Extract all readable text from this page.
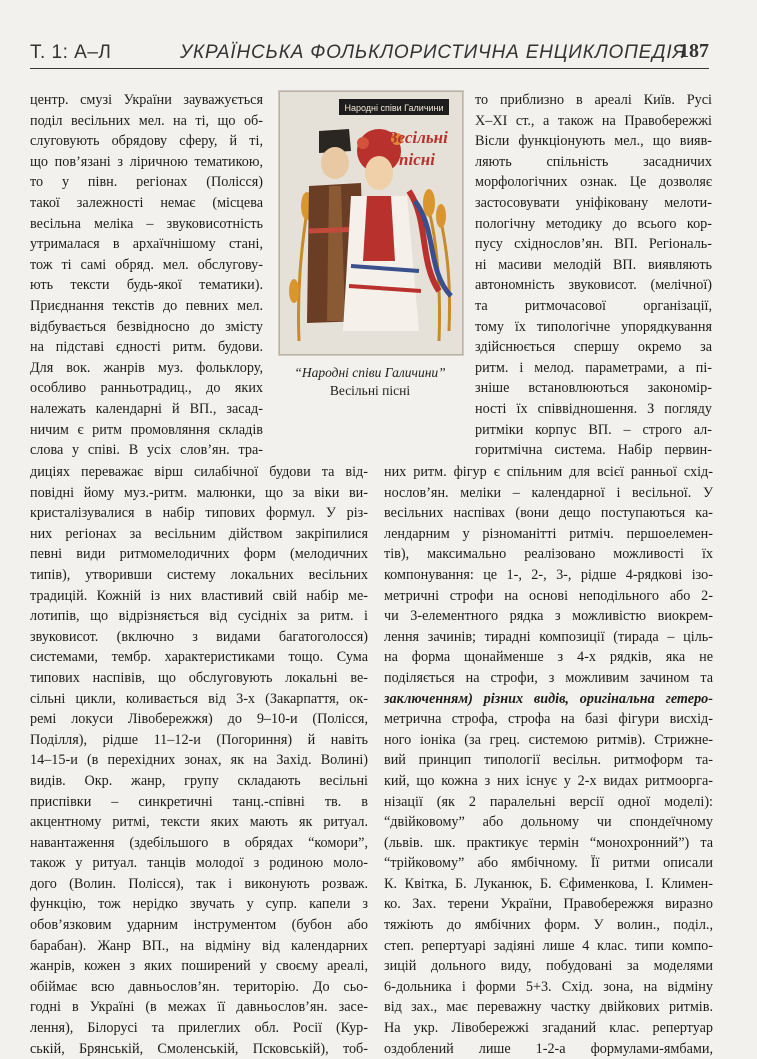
Т. 1: А–Л	УКРАЇНСЬКА ФОЛЬКЛОРИСТИЧНА ЕНЦИКЛОПЕДІЯ
187
центр. смузі України зауважується
поділ весільних мел. на ті, що об-
слуговують обрядову сферу, й ті,
що пов’язані з ліричною тематикою,
то у півн. регіонах (Полісся)
такої залежності немає (місцева
весільна меліка – звуковисотність
утрималася в архаїчнішому стані,
тож ті самі обряд. мел. обслугову-
ють тексти будь-якої тематики).
Приєднання текстів до певних мел.
відбувається безвідносно до змісту
на підставі єдності ритм. будови.
Для вок. жанрів муз. фольклору,
особливо ранньотрадиц., до яких
належать календарні й ВП., засад-
ничим є ритм промовляння складів
слова у співі. В усіх слов’ян. тра-
Народні співи Галичини
Весільні
пісні
“Народні співи Галичини”
Весільні пісні
то приблизно в ареалі Київ. Русі
X–XI ст., а також на Правобережжі
Вісли функціонують мел., що вияв-
ляють спільність засадничих
морфологічних ознак. Це дозволяє
застосовувати уніфіковану мелоти-
пологічну методику до всього кор-
пусу східнослов’ян. ВП. Регіональ-
ні масиви мелодій ВП. виявляють
автономність звуковисот. (мелічної)
та ритмочасової організації,
тому їх типологічне упорядкування
здійснюється спершу окремо за
ритм. і мелод. параметрами, а пі-
зніше встановлюються закономір-
ності їх співвідношення. З погляду
ритміки корпус ВП. – строго ал-
горитмічна система. Набір первин-
диціях переважає вірш силабічної будови та від-
повідні йому муз.-ритм. малюнки, що за віки ви-
кристалізувалися в набір типових формул. У різ-
них регіонах за весільним дійством закріпилися
певні види ритмомелодичних форм (мелодичних
типів), утворивши систему локальних весільних
традицій. Кожній із них властивий свій набір ме-
лотипів, що відрізняється від сусідніх за ритм. і
звуковисот. (включно з видами багатоголосся)
системами, тембр. характеристиками тощо. Сума
типових наспівів, що обслуговують локальні ве-
сільні цикли, коливається від 3-х (Закарпаття, ок-
ремі локуси Лівобережжя) до 9–10-и (Полісся,
Поділля), рідше 11–12-и (Погориння) й навіть
14–15-и (в перехідних зонах, як на Захід. Волині)
видів. Окр. жанр, групу складають весільні
приспівки – синкретичні танц.-співні тв. в
акцентному ритмі, тексти яких мають як ритуал.
навантаження (здебільшого в обрядах “комори”,
також у ритуал. танців молодої з родиною моло-
дого (Волин. Полісся), так і виконують розваж.
функцію, тож нерідко звучать у супр. капели з
обов’язковим ударним інструментом (бубон або
барабан). Жанр ВП., на відміну від календарних
жанрів, кожен з яких поширений у своєму ареалі,
обіймає всю давньослов’ян. територію. До сьо-
годні в Україні (в межах її давньослов’ян. засе-
лення), Білорусі та прилеглих обл. Росії (Кур-
ській, Брянській, Смоленській, Псковській), тоб-
них ритм. фігур є спільним для всієї ранньої схід-
нослов’ян. меліки – календарної і весільної. У
весільних наспівах (вони дещо поступаються ка-
лендарним у різноманітті ритміч. першоелемен-
тів), максимально реалізовано можливості їх
компонування: це 1-, 2-, 3-, рідше 4-рядкові ізо-
метричні строфи на основі неподільного або 2-
чи 3-елементного рядка з можливістю виокрем-
лення зачинів; тирадні композиції (тирада – ціль-
на форма щонайменше з 4-х рядків, яка не
поділяється на строфи, з можливим зачином та
заключенням) різних видів, оригінальна гетеро-
метрична строфа, строфа на базі фігури висхід-
ного іоніка (за грец. системою ритмів). Стрижне-
вий принцип типології весільн. ритмоформ та-
кий, що кожна з них існує у 2-х видах ритмоорга-
нізації (як 2 паралельні версії одної моделі):
“двійковому” або дольному чи спондеїчному
(львів. шк. практикує термін “монохронний”) та
“трійковому” або ямбічному. Її ритми описали
К. Квітка, Б. Луканюк, Б. Єфименкова, І. Климен-
ко. Зах. терени України, Правобережжя виразно
тяжіють до ямбічних форм. У волин., поділ.,
степ. репертуарі задіяні лише 4 клас. типи компо-
зицій дольного виду, побудовані за моделями
6-дольника і форми 5+3. Схід. зона, на відміну
від зах., має переважну частку двійкових ритмів.
На укр. Лівобережжі згаданий клас. репертуар
оздоблений лише 1-2-а формулами-ямбами,
